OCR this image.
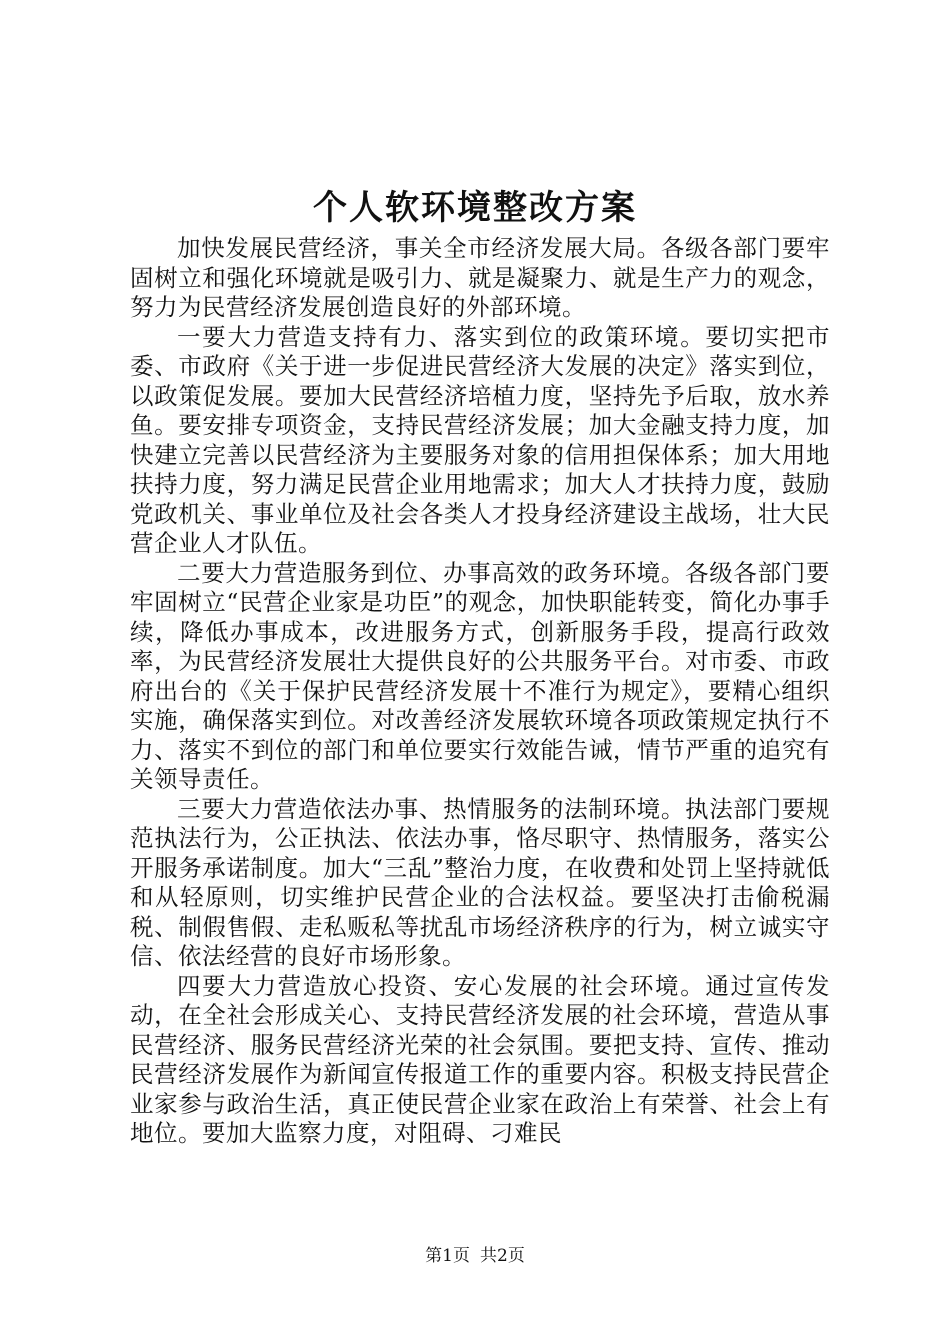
个人软环境整改方案

加快发展民营经济，事关全市经济发展大局。各级各部门要牢固树立和强化环境就是吸引力、就是凝聚力、就是生产力的观念，努力为民营经济发展创造良好的外部环境。

一要大力营造支持有力、落实到位的政策环境。要切实把市委、市政府《关于进一步促进民营经济大发展的决定》落实到位，以政策促发展。要加大民营经济培植力度，坚持先予后取，放水养鱼。要安排专项资金，支持民营经济发展；加大金融支持力度，加快建立完善以民营经济为主要服务对象的信用担保体系；加大用地扶持力度，努力满足民营企业用地需求；加大人才扶持力度，鼓励党政机关、事业单位及社会各类人才投身经济建设主战场，壮大民营企业人才队伍。

二要大力营造服务到位、办事高效的政务环境。各级各部门要牢固树立“民营企业家是功臣”的观念，加快职能转变，简化办事手续，降低办事成本，改进服务方式，创新服务手段，提高行政效率，为民营经济发展壮大提供良好的公共服务平台。对市委、市政府出台的《关于保护民营经济发展十不准行为规定》，要精心组织实施，确保落实到位。对改善经济发展软环境各项政策规定执行不力、落实不到位的部门和单位要实行效能告诫，情节严重的追究有关领导责任。

三要大力营造依法办事、热情服务的法制环境。执法部门要规范执法行为，公正执法、依法办事，恪尽职守、热情服务，落实公开服务承诺制度。加大“三乱”整治力度，在收费和处罚上坚持就低和从轻原则，切实维护民营企业的合法权益。要坚决打击偷税漏税、制假售假、走私贩私等扰乱市场经济秩序的行为，树立诚实守信、依法经营的良好市场形象。

四要大力营造放心投资、安心发展的社会环境。通过宣传发动，在全社会形成关心、支持民营经济发展的社会环境，营造从事民营经济、服务民营经济光荣的社会氛围。要把支持、宣传、推动民营经济发展作为新闻宣传报道工作的重要内容。积极支持民营企业家参与政治生活，真正使民营企业家在政治上有荣誉、社会上有地位。要加大监察力度，对阻碍、刁难民

第1页 共2页
